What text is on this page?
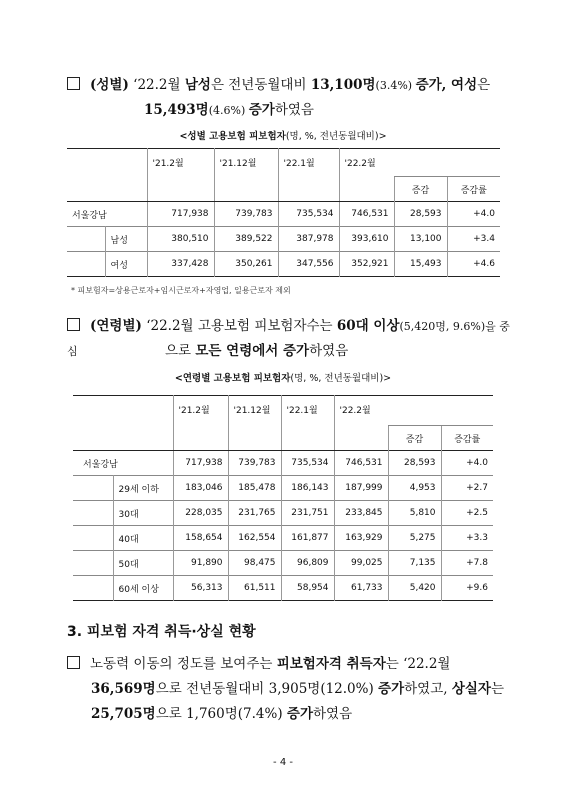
(성별) ‘22.2월 남성은 전년동월대비 13,100명(3.4%) 증가, 여성은
15,493명(4.6%) 증가하였음
<성별 고용보험 피보험자(명, %, 전년동월대비)>
		'21.2월	'21.12월	'22.1월	'22.2월		
						증감	증감률
서울강남		717,938	739,783	735,534	746,531	28,593	+4.0
	남성	380,510	389,522	387,978	393,610	13,100	+3.4
	여성	337,428	350,261	347,556	352,921	15,493	+4.6
* 피보험자=상용근로자+임시근로자+자영업, 일용근로자 제외
(연령별) ‘22.2월 고용보험 피보험자수는 60대 이상(5,420명, 9.6%)을 중심	으로 모든 연령에서 증가하였음
<연령별 고용보험 피보험자(명, %, 전년동월대비)>
		'21.2월	'21.12월	'22.1월	'22.2월		
						증감	증감률
서울강남		717,938	739,783	735,534	746,531	28,593	+4.0
	29세 이하	183,046	185,478	186,143	187,999	4,953	+2.7
	30대	228,035	231,765	231,751	233,845	5,810	+2.5
	40대	158,654	162,554	161,877	163,929	5,275	+3.3
	50대	91,890	98,475	96,809	99,025	7,135	+7.8
	60세 이상	56,313	61,511	58,954	61,733	5,420	+9.6
3. 피보험 자격 취득·상실 현황
노동력 이동의 정도를 보여주는 피보험자격 취득자는 ‘22.2월
36,569명으로 전년동월대비 3,905명(12.0%) 증가하였고, 상실자는
25,705명으로 1,760명(7.4%) 증가하였음
- 4 -
